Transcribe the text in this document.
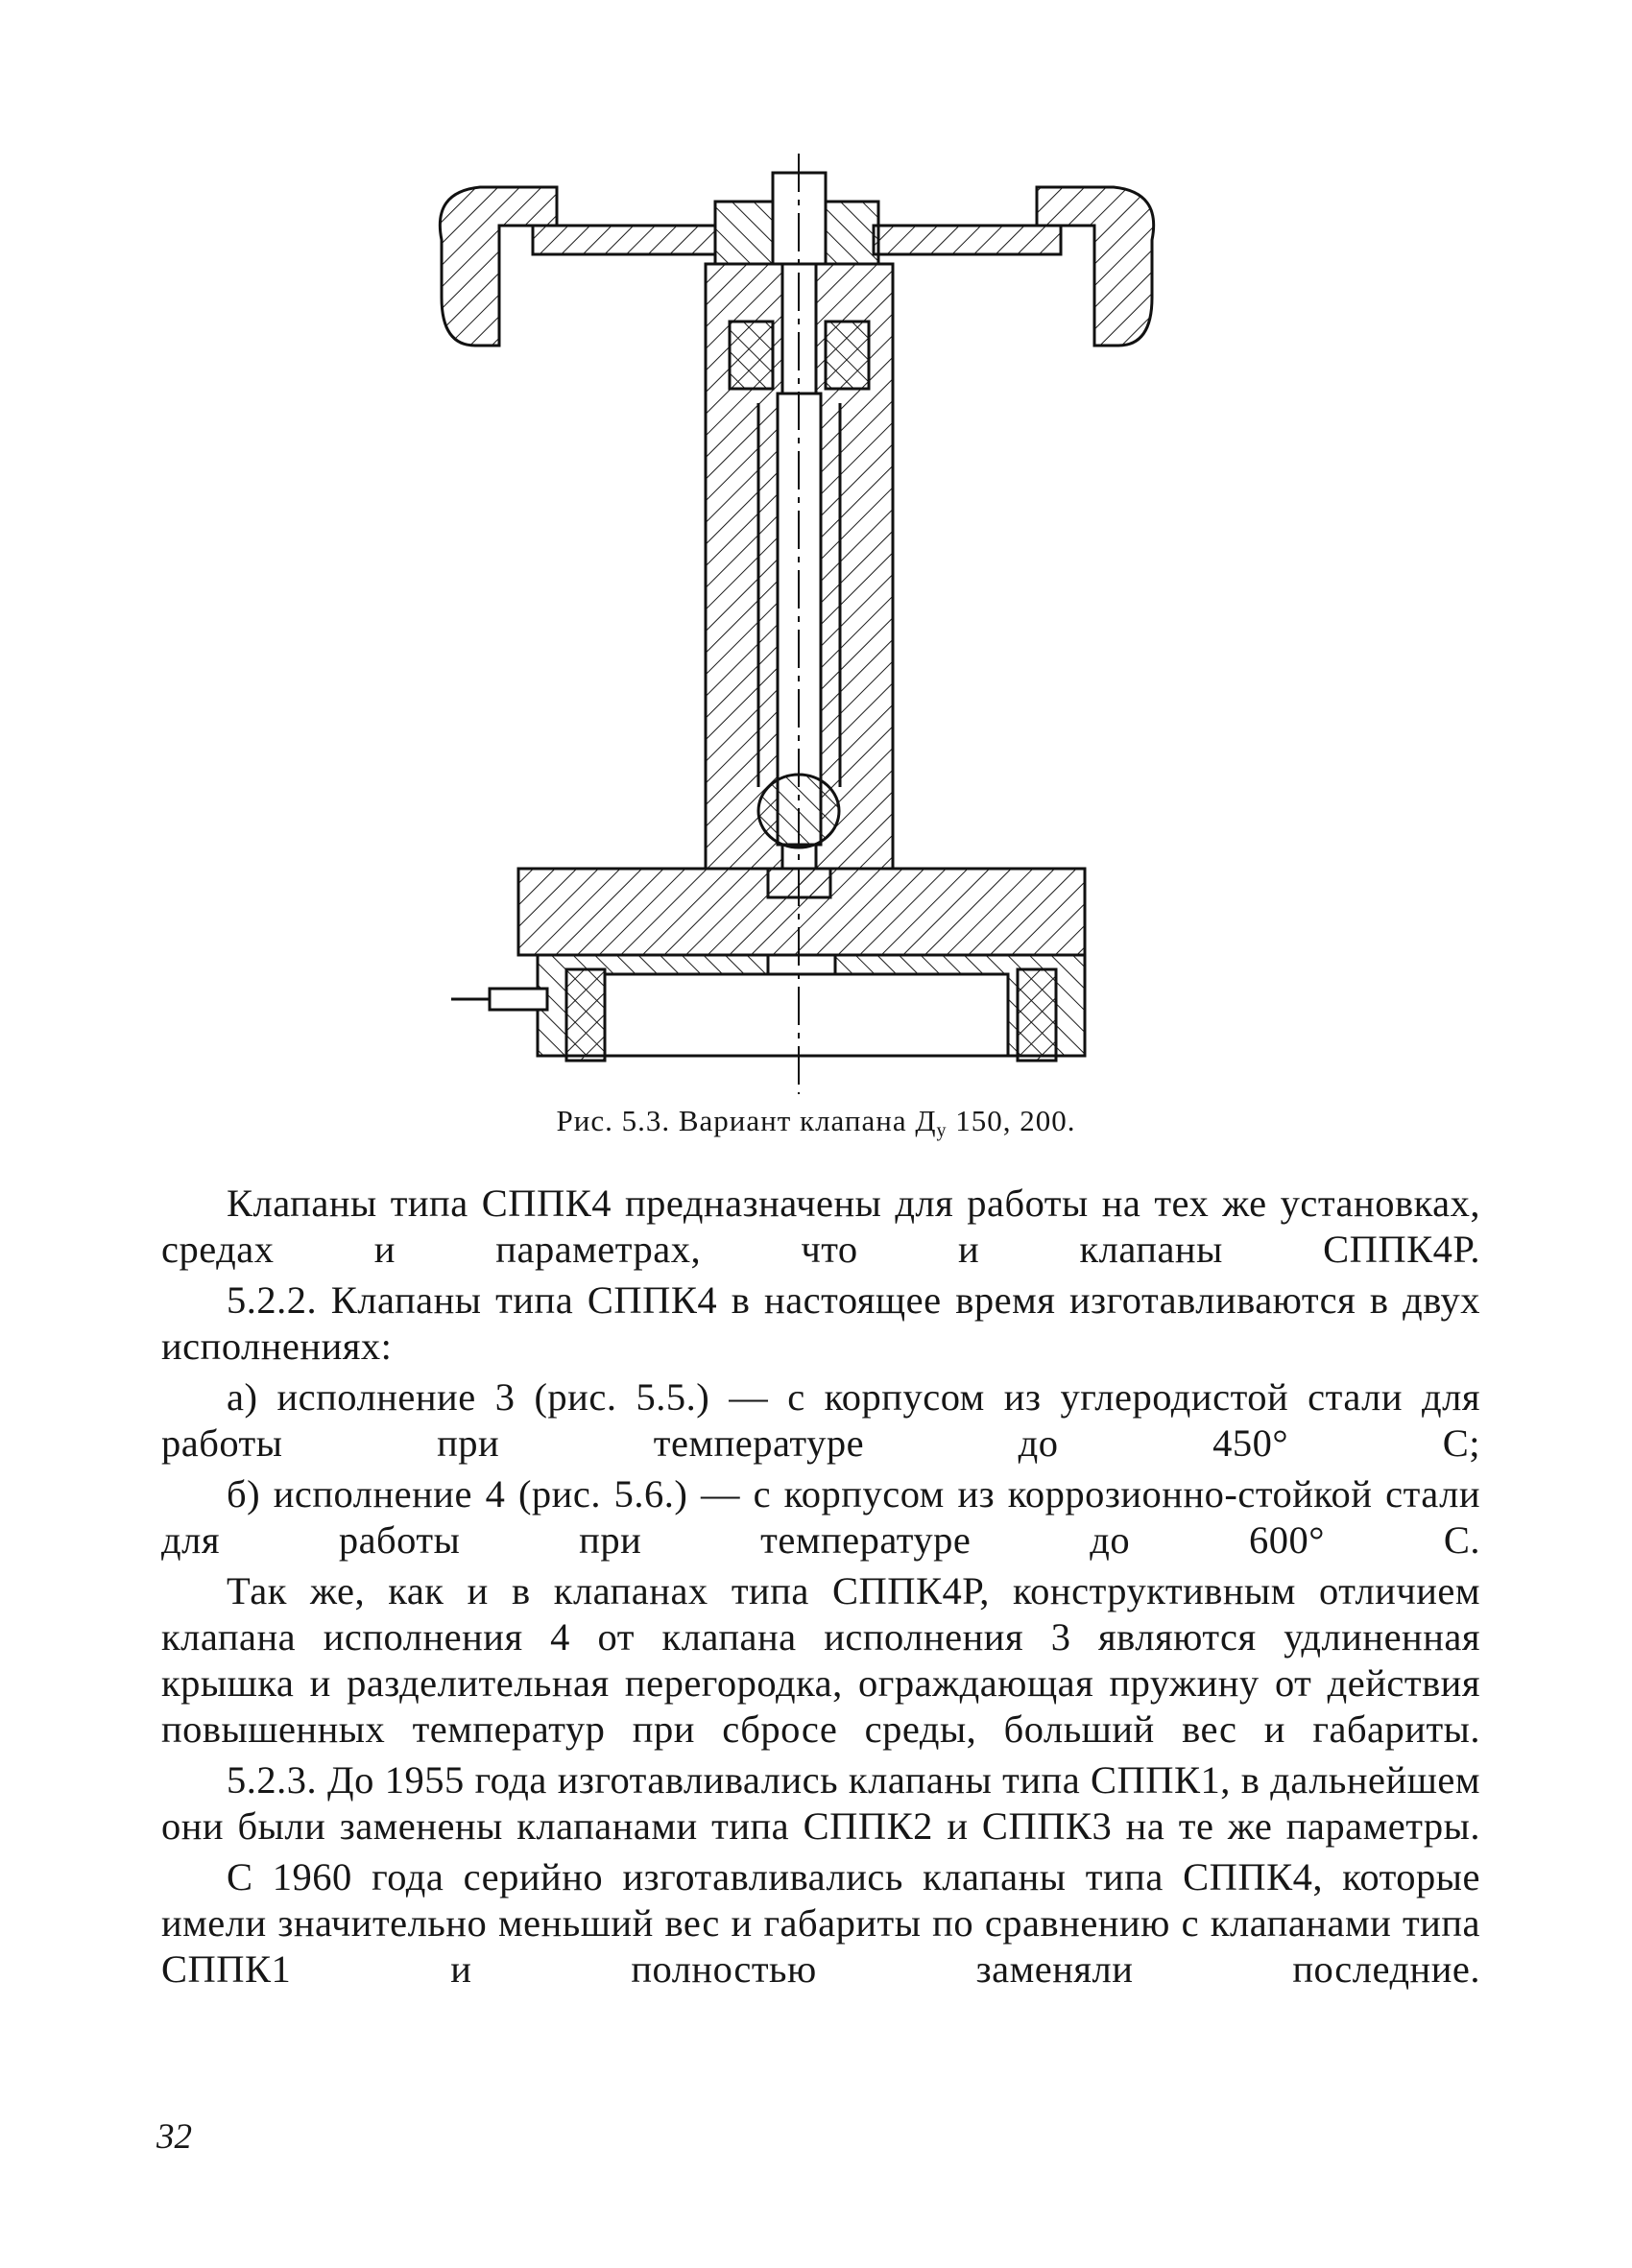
Рис. 5.3. Вариант клапана $Д_у$ 150, 200.

Клапаны типа СППК4 предназначены для работы на тех же установках, средах и параметрах, что и клапаны СППК4Р.

5.2.2. Клапаны типа СППК4 в настоящее время изготавливаются в двух исполнениях:

а) исполнение 3 (рис. 5.5.) — с корпусом из углеродистой стали для работы при температуре до 450° С;

б) исполнение 4 (рис. 5.6.) — с корпусом из коррозионно-стойкой стали для работы при температуре до 600° С.

Так же, как и в клапанах типа СППК4Р, конструктивным отличием клапана исполнения 4 от клапана исполнения 3 являются удлиненная крышка и разделительная перегородка, ограждающая пружину от действия повышенных температур при сбросе среды, больший вес и габариты.

5.2.3. До 1955 года изготавливались клапаны типа СППК1, в дальнейшем они были заменены клапанами типа СППК2 и СППК3 на те же параметры.

С 1960 года серийно изготавливались клапаны типа СППК4, которые имели значительно меньший вес и габариты по сравнению с клапанами типа СППК1 и полностью заменяли последние.

32
